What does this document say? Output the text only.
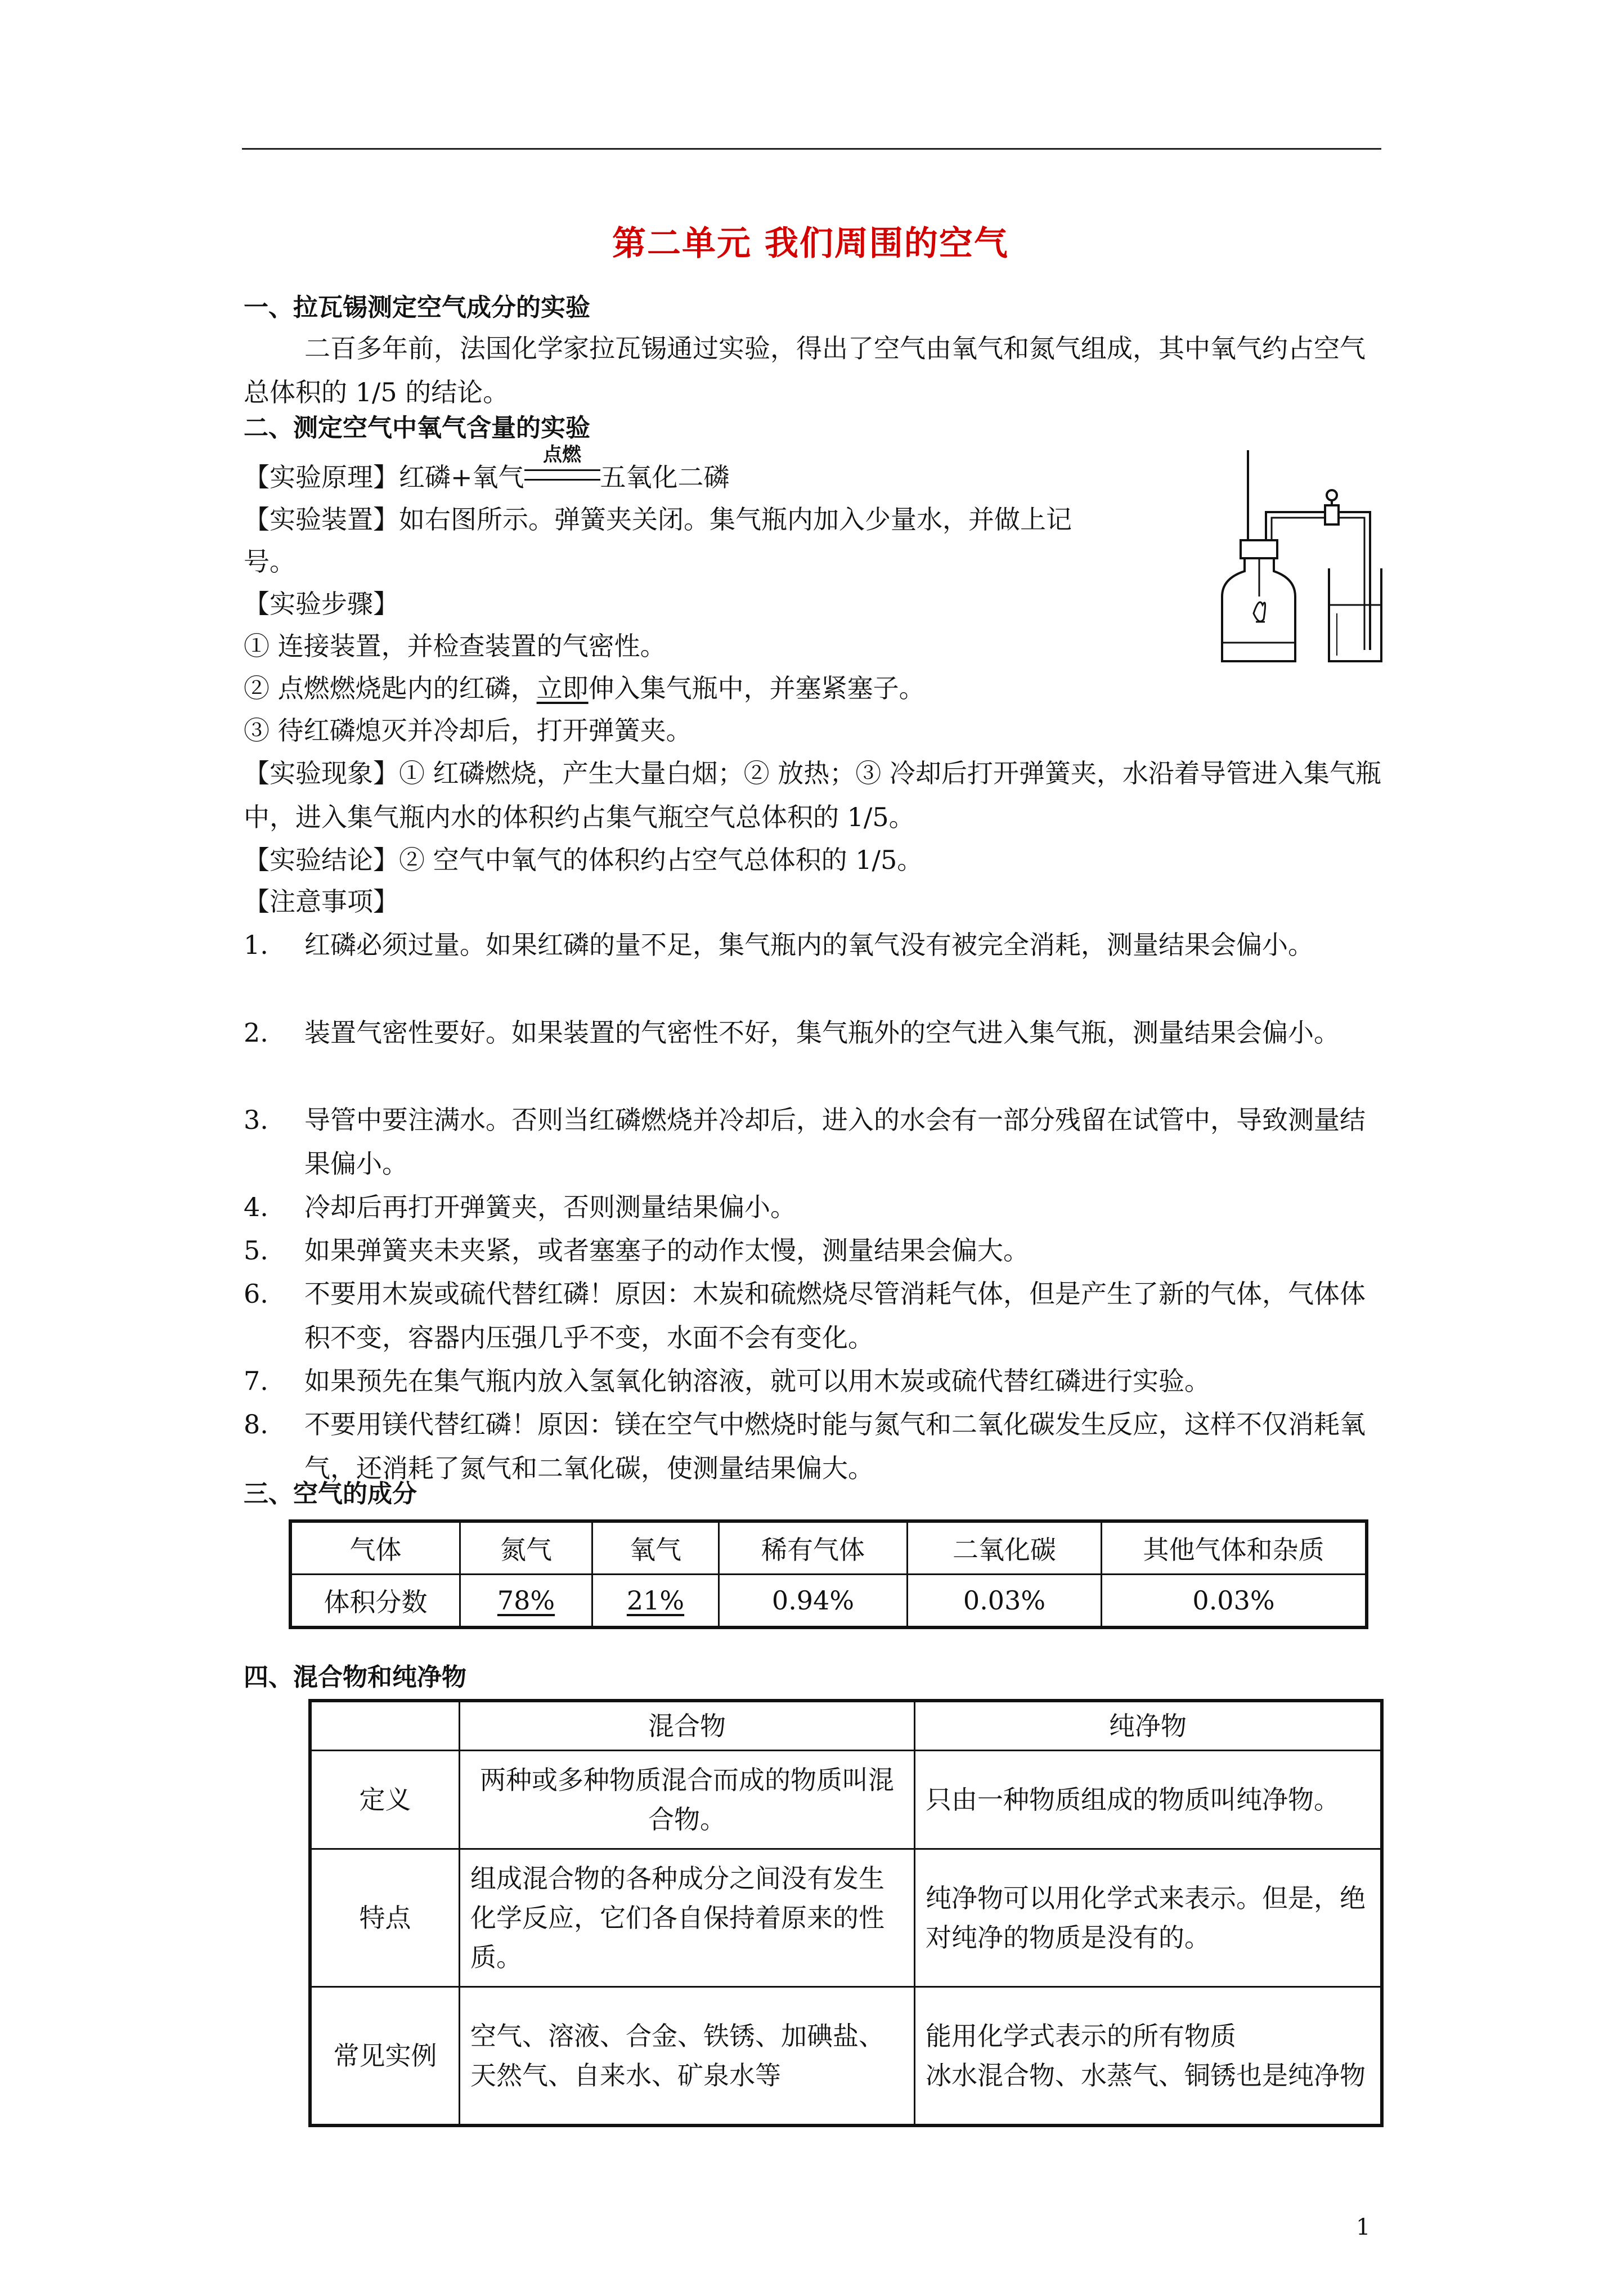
第二单元 我们周围的空气
一、拉瓦锡测定空气成分的实验
二百多年前，法国化学家拉瓦锡通过实验，得出了空气由氧气和氮气组成，其中氧气约占空气总体积的 1/5 的结论。
二、测定空气中氧气含量的实验
【实验原理】红磷+氧气
点燃
五氧化二磷
【实验装置】如右图所示。弹簧夹关闭。集气瓶内加入少量水，并做上记
号。
【实验步骤】
① 连接装置，并检查装置的气密性。
② 点燃燃烧匙内的红磷，立即伸入集气瓶中，并塞紧塞子。
③ 待红磷熄灭并冷却后，打开弹簧夹。
【实验现象】① 红磷燃烧，产生大量白烟；② 放热；③ 冷却后打开弹簧夹，水沿着导管进入集气瓶中，进入集气瓶内水的体积约占集气瓶空气总体积的 1/5。
【实验结论】② 空气中氧气的体积约占空气总体积的 1/5。
【注意事项】
1.	红磷必须过量。如果红磷的量不足，集气瓶内的氧气没有被完全消耗，测量结果会偏小。
2.	装置气密性要好。如果装置的气密性不好，集气瓶外的空气进入集气瓶，测量结果会偏小。
3.	导管中要注满水。否则当红磷燃烧并冷却后，进入的水会有一部分残留在试管中，导致测量结果偏小。
4.	冷却后再打开弹簧夹，否则测量结果偏小。
5.	如果弹簧夹未夹紧，或者塞塞子的动作太慢，测量结果会偏大。
6.	不要用木炭或硫代替红磷！原因：木炭和硫燃烧尽管消耗气体，但是产生了新的气体，气体体积不变，容器内压强几乎不变，水面不会有变化。
7.	如果预先在集气瓶内放入氢氧化钠溶液，就可以用木炭或硫代替红磷进行实验。
8.	不要用镁代替红磷！原因：镁在空气中燃烧时能与氮气和二氧化碳发生反应，这样不仅消耗氧气，还消耗了氮气和二氧化碳，使测量结果偏大。
三、空气的成分
气体	氮气	氧气	稀有气体	二氧化碳	其他气体和杂质
体积分数	78%	21%	0.94%	0.03%	0.03%
四、混合物和纯净物
	混合物	纯净物
定义	两种或多种物质混合而成的物质叫混合物。	只由一种物质组成的物质叫纯净物。
特点	组成混合物的各种成分之间没有发生化学反应，它们各自保持着原来的性质。	纯净物可以用化学式来表示。但是，绝对纯净的物质是没有的。
常见实例	空气、溶液、合金、铁锈、加碘盐、天然气、自来水、矿泉水等	能用化学式表示的所有物质
冰水混合物、水蒸气、铜锈也是纯净物
1
